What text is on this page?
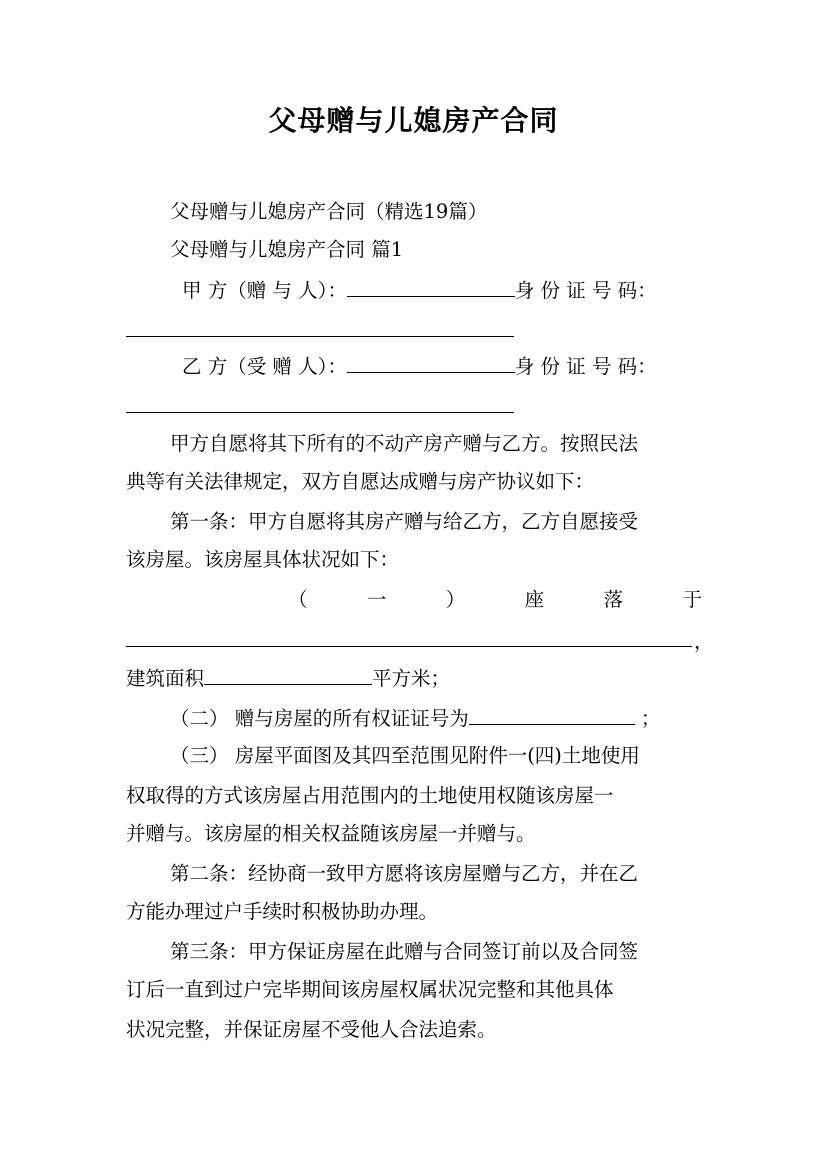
父母赠与儿媳房产合同
父母赠与儿媳房产合同（精选19篇）
父母赠与儿媳房产合同 篇1
甲 方（赠 与 人）：	身 份 证 号 码：
乙 方（受 赠 人）：	身 份 证 号 码：
甲方自愿将其下所有的不动产房产赠与乙方。按照民法
典等有关法律规定，双方自愿达成赠与房产协议如下：
第一条：甲方自愿将其房产赠与给乙方，乙方自愿接受
该房屋。该房屋具体状况如下：
（	一	）	座	落	于
，
建筑面积	平方米；
（二） 赠与房屋的所有权证证号为	；
（三） 房屋平面图及其四至范围见附件一(四)土地使用
权取得的方式该房屋占用范围内的土地使用权随该房屋一
并赠与。该房屋的相关权益随该房屋一并赠与。
第二条：经协商一致甲方愿将该房屋赠与乙方，并在乙
方能办理过户手续时积极协助办理。
第三条：甲方保证房屋在此赠与合同签订前以及合同签
订后一直到过户完毕期间该房屋权属状况完整和其他具体
状况完整，并保证房屋不受他人合法追索。
